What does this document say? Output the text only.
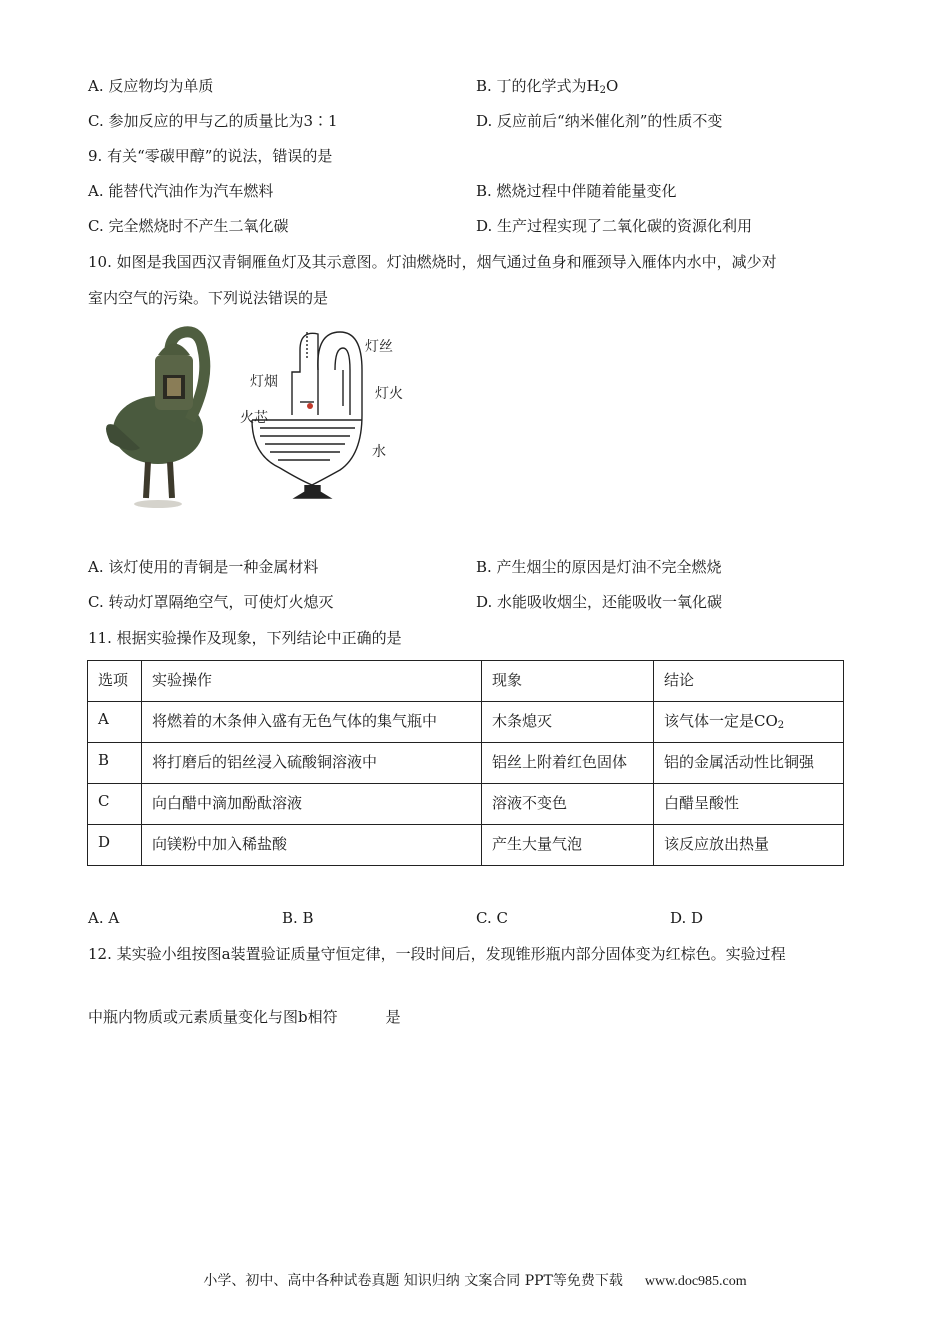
A. 反应物均为单质	B. 丁的化学式为$H_2O$
C. 参加反应的甲与乙的质量比为3∶1	D. 反应前后“纳米催化剂”的性质不变
9. 有关“零碳甲醇”的说法，错误的是
A. 能替代汽油作为汽车燃料	B. 燃烧过程中伴随着能量变化
C. 完全燃烧时不产生二氧化碳	D. 生产过程实现了二氧化碳的资源化利用
10. 如图是我国西汉青铜雁鱼灯及其示意图。灯油燃烧时，烟气通过鱼身和雁颈导入雁体内水中，减少对
室内空气的污染。下列说法错误的是
灯丝
灯烟
灯火
火芯
水
A. 该灯使用的青铜是一种金属材料	B. 产生烟尘的原因是灯油不完全燃烧
C. 转动灯罩隔绝空气，可使灯火熄灭	D. 水能吸收烟尘，还能吸收一氧化碳
11. 根据实验操作及现象，下列结论中正确的是
选项	实验操作	现象	结论
A	将燃着的木条伸入盛有无色气体的集气瓶中	木条熄灭	该气体一定是$CO_2$
B	将打磨后的铝丝浸入硫酸铜溶液中	铝丝上附着红色固体	铝的金属活动性比铜强
C	向白醋中滴加酚酞溶液	溶液不变色	白醋呈酸性
D	向镁粉中加入稀盐酸	产生大量气泡	该反应放出热量
A. A	B. B	C. C	D. D
12. 某实验小组按图a装置验证质量守恒定律，一段时间后，发现锥形瓶内部分固体变为红棕色。实验过程
中瓶内物质或元素质量变化与图b相符	是
小学、初中、高中各种试卷真题 知识归纳 文案合同 PPT等免费下载 www.doc985.com
